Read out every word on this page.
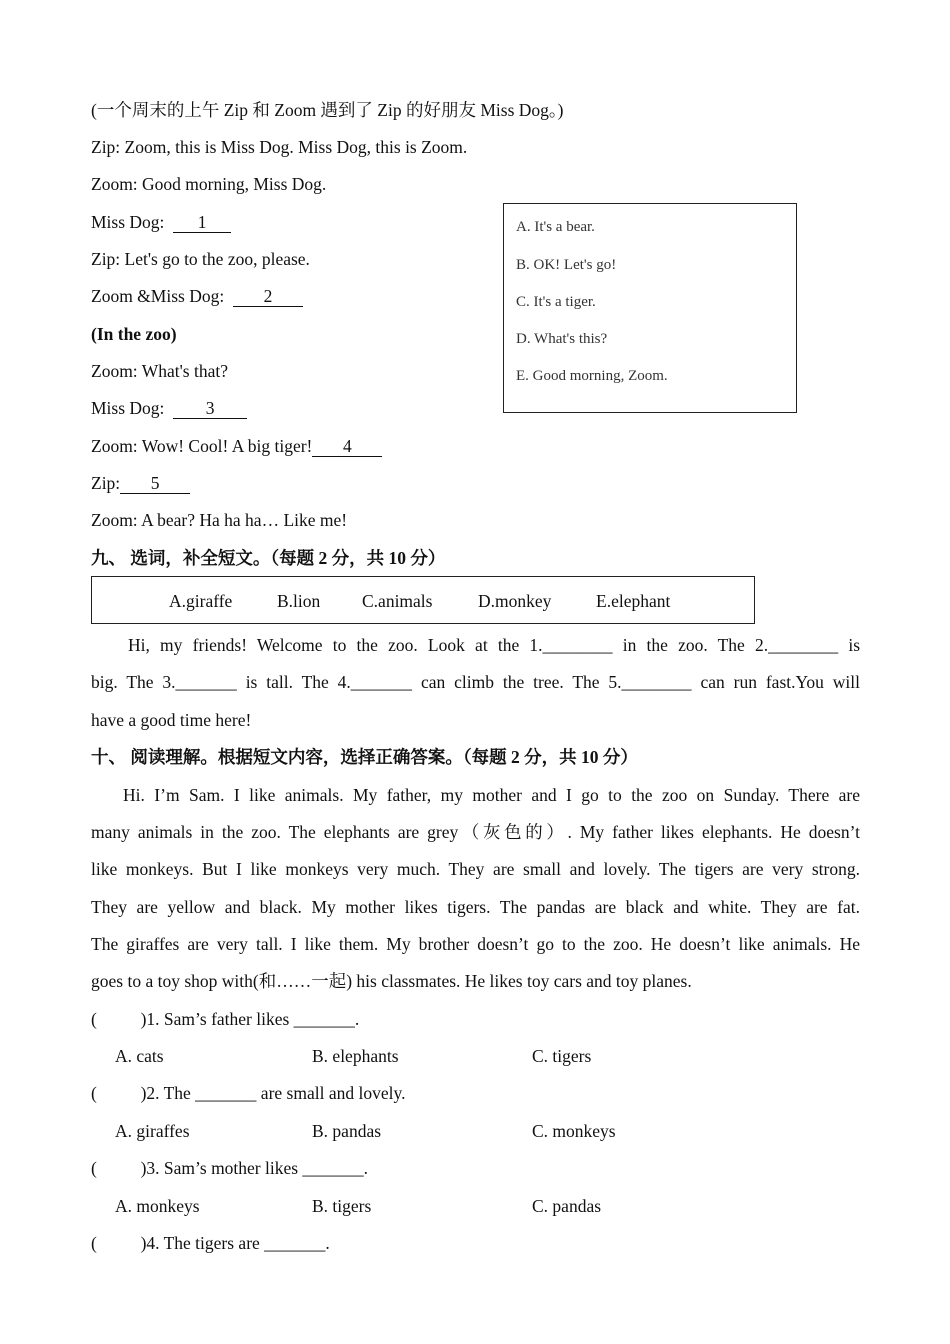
(一个周末的上午 Zip 和 Zoom 遇到了 Zip 的好朋友 Miss Dog。)
Zip: Zoom, this is Miss Dog. Miss Dog, this is Zoom.
Zoom: Good morning, Miss Dog.
Miss Dog: 1
Zip: Let's go to the zoo, please.
Zoom &Miss Dog: 2
(In the zoo)
Zoom: What's that?
Miss Dog: 3
Zoom: Wow! Cool! A big tiger! 4
Zip: 5
Zoom: A bear? Ha ha ha… Like me!
A. It's a bear.
B. OK! Let's go!
C. It's a tiger.
D. What's this?
E. Good morning, Zoom.
九、 选词，补全短文。（每题 2 分，共 10 分）
A.giraffe	B.lion C.animals	D.monkey	E.elephant
Hi, my friends! Welcome to the zoo. Look at the 1.________ in the zoo. The 2.________ is
big. The 3._______ is tall. The 4._______ can climb the tree. The 5.________ can run fast.You will
have a good time here!
十、 阅读理解。根据短文内容，选择正确答案。（每题 2 分，共 10 分）
Hi. I’m Sam. I like animals. My father, my mother and I go to the zoo on Sunday. There are
many animals in the zoo. The elephants are grey（灰色的）. My father likes elephants. He doesn’t
like monkeys. But I like monkeys very much. They are small and lovely. The tigers are very strong.
They are yellow and black. My mother likes tigers. The pandas are black and white. They are fat.
The giraffes are very tall. I like them. My brother doesn’t go to the zoo. He doesn’t like animals. He
goes to a toy shop with(和……一起) his classmates. He likes toy cars and toy planes.
(          )1. Sam’s father likes _______.
A. cats	B. elephants	C. tigers
(          )2. The _______ are small and lovely.
A. giraffes	B. pandas	C. monkeys
(          )3. Sam’s mother likes _______.
A. monkeys	B. tigers	C. pandas
(          )4. The tigers are _______.
